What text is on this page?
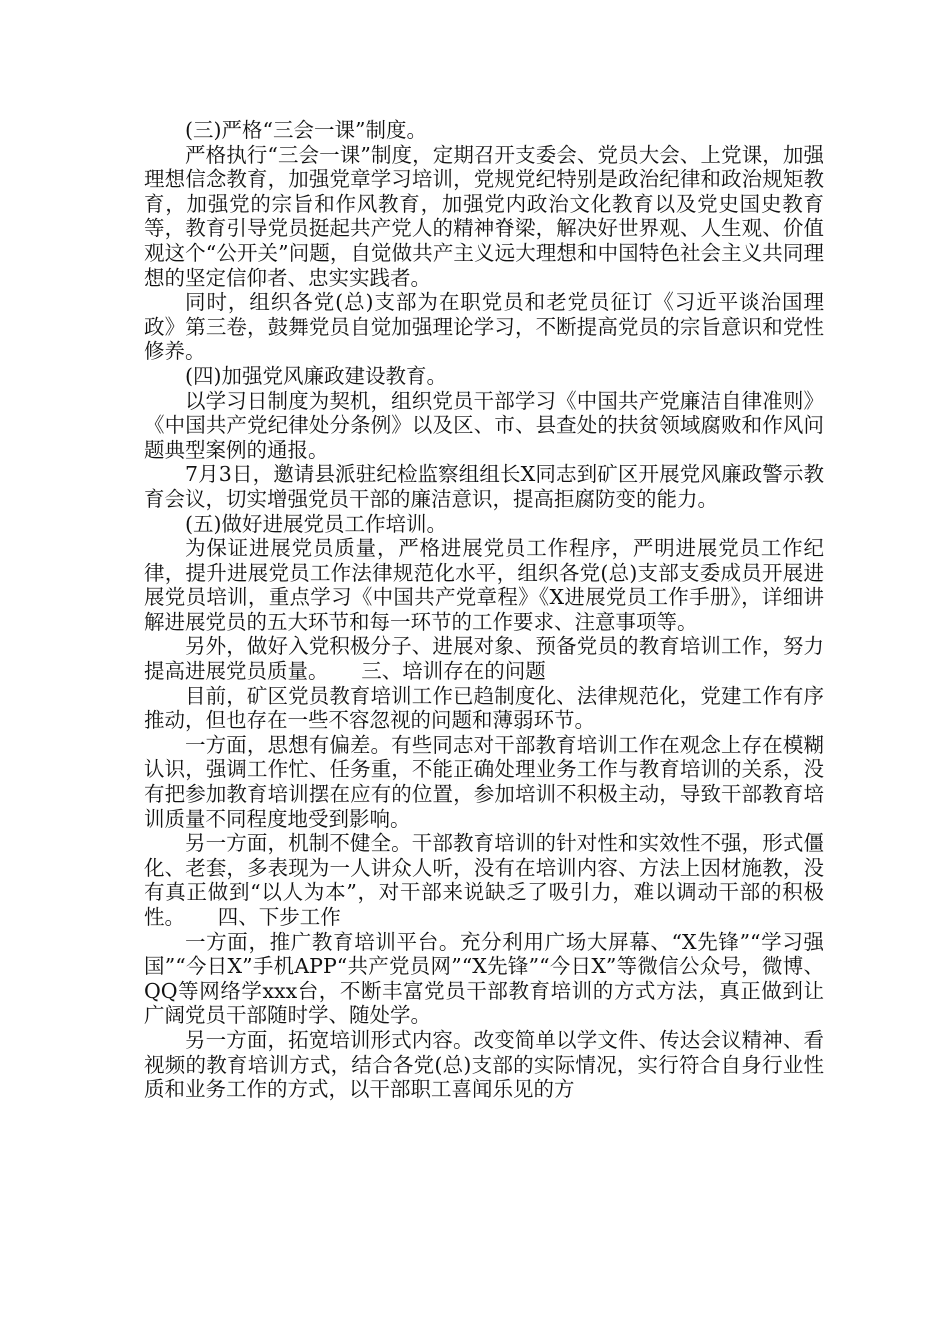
(三)严格“三会一课”制度。

严格执行“三会一课”制度，定期召开支委会、党员大会、上党课，加强理想信念教育，加强党章学习培训，党规党纪特别是政治纪律和政治规矩教育，加强党的宗旨和作风教育，加强党内政治文化教育以及党史国史教育等，教育引导党员挺起共产党人的精神脊梁，解决好世界观、人生观、价值观这个“公开关”问题，自觉做共产主义远大理想和中国特色社会主义共同理想的坚定信仰者、忠实实践者。

同时，组织各党(总)支部为在职党员和老党员征订《习近平谈治国理政》第三卷，鼓舞党员自觉加强理论学习，不断提高党员的宗旨意识和党性修养。

(四)加强党风廉政建设教育。

以学习日制度为契机，组织党员干部学习《中国共产党廉洁自律准则》《中国共产党纪律处分条例》以及区、市、县查处的扶贫领域腐败和作风问题典型案例的通报。

7月3日，邀请县派驻纪检监察组组长X同志到矿区开展党风廉政警示教育会议，切实增强党员干部的廉洁意识，提高拒腐防变的能力。

(五)做好进展党员工作培训。

为保证进展党员质量，严格进展党员工作程序，严明进展党员工作纪律，提升进展党员工作法律规范化水平，组织各党(总)支部支委成员开展进展党员培训，重点学习《中国共产党章程》《X进展党员工作手册》，详细讲解进展党员的五大环节和每一环节的工作要求、注意事项等。

另外，做好入党积极分子、进展对象、预备党员的教育培训工作，努力提高进展党员质量。 三、培训存在的问题

目前，矿区党员教育培训工作已趋制度化、法律规范化，党建工作有序推动，但也存在一些不容忽视的问题和薄弱环节。

一方面，思想有偏差。有些同志对干部教育培训工作在观念上存在模糊认识，强调工作忙、任务重，不能正确处理业务工作与教育培训的关系，没有把参加教育培训摆在应有的位置，参加培训不积极主动，导致干部教育培训质量不同程度地受到影响。

另一方面，机制不健全。干部教育培训的针对性和实效性不强，形式僵化、老套，多表现为一人讲众人听，没有在培训内容、方法上因材施教，没有真正做到“以人为本”，对干部来说缺乏了吸引力，难以调动干部的积极性。 四、下步工作

一方面，推广教育培训平台。充分利用广场大屏幕、“X先锋”“学习强国”“今日X”手机APP“共产党员网”“X先锋”“今日X”等微信公众号，微博、QQ等网络学xxx台，不断丰富党员干部教育培训的方式方法，真正做到让广阔党员干部随时学、随处学。

另一方面，拓宽培训形式内容。改变简单以学文件、传达会议精神、看视频的教育培训方式，结合各党(总)支部的实际情况，实行符合自身行业性质和业务工作的方式，以干部职工喜闻乐见的方
